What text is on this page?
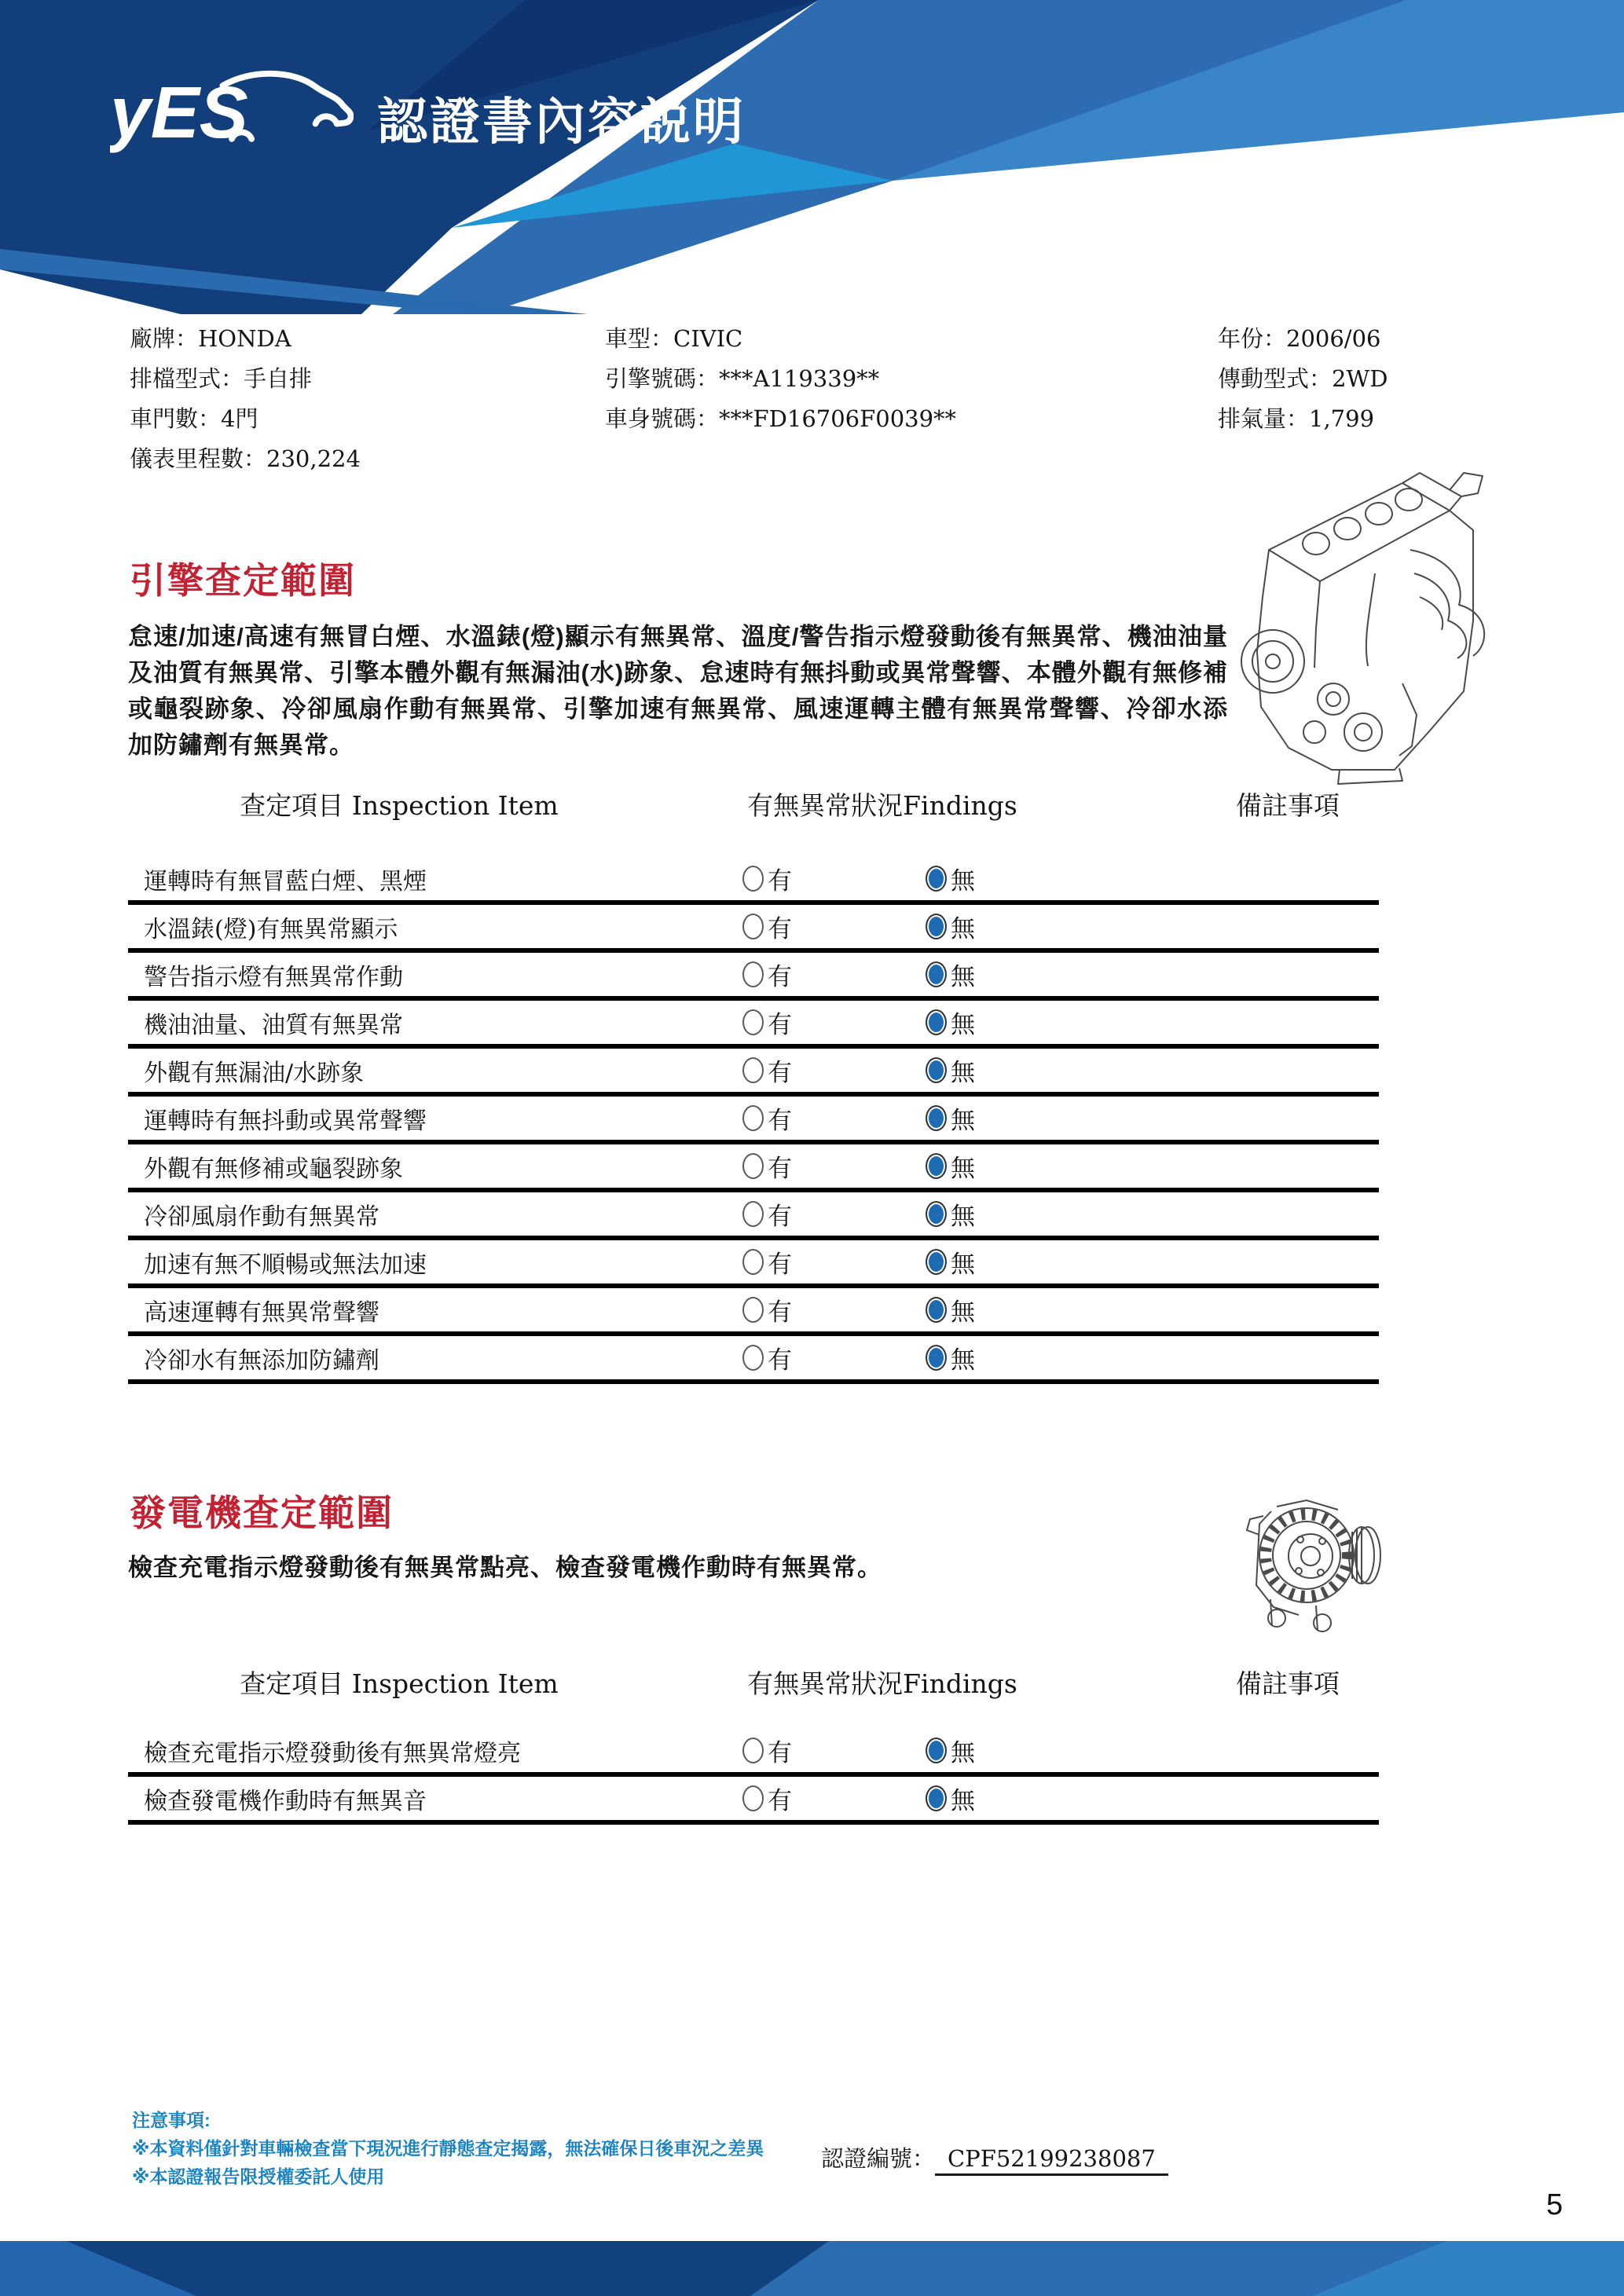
yES	認證書內容説明
廠牌：HONDA
排檔型式：手自排
車門數：4門
儀表里程數：230,224
車型：CIVIC
引擎號碼：***A119339**
車身號碼：***FD16706F0039**
年份：2006/06
傳動型式：2WD
排氣量：1,799
引擎查定範圍

怠速/加速/高速有無冒白煙、水溫錶(燈)顯示有無異常、溫度/警告指示燈發動後有無異常、機油油量及油質有無異常、引擎本體外觀有無漏油(水)跡象、怠速時有無抖動或異常聲響、本體外觀有無修補或龜裂跡象、冷卻風扇作動有無異常、引擎加速有無異常、風速運轉主體有無異常聲響、冷卻水添加防鏽劑有無異常。

查定項目 Inspection Item	有無異常狀況Findings	備註事項
運轉時有無冒藍白煙、黑煙	有	無
水溫錶(燈)有無異常顯示	有	無
警告指示燈有無異常作動	有	無
機油油量、油質有無異常	有	無
外觀有無漏油/水跡象	有	無
運轉時有無抖動或異常聲響	有	無
外觀有無修補或龜裂跡象	有	無
冷卻風扇作動有無異常	有	無
加速有無不順暢或無法加速	有	無
高速運轉有無異常聲響	有	無
冷卻水有無添加防鏽劑	有	無
發電機查定範圍

檢查充電指示燈發動後有無異常點亮、檢查發電機作動時有無異常。

查定項目 Inspection Item	有無異常狀況Findings	備註事項
檢查充電指示燈發動後有無異常燈亮	有	無
檢查發電機作動時有無異音	有	無
注意事項:
※本資料僅針對車輛檢查當下現況進行靜態查定揭露，無法確保日後車況之差異
※本認證報告限授權委託人使用
認證編號： CPF52199238087
5
